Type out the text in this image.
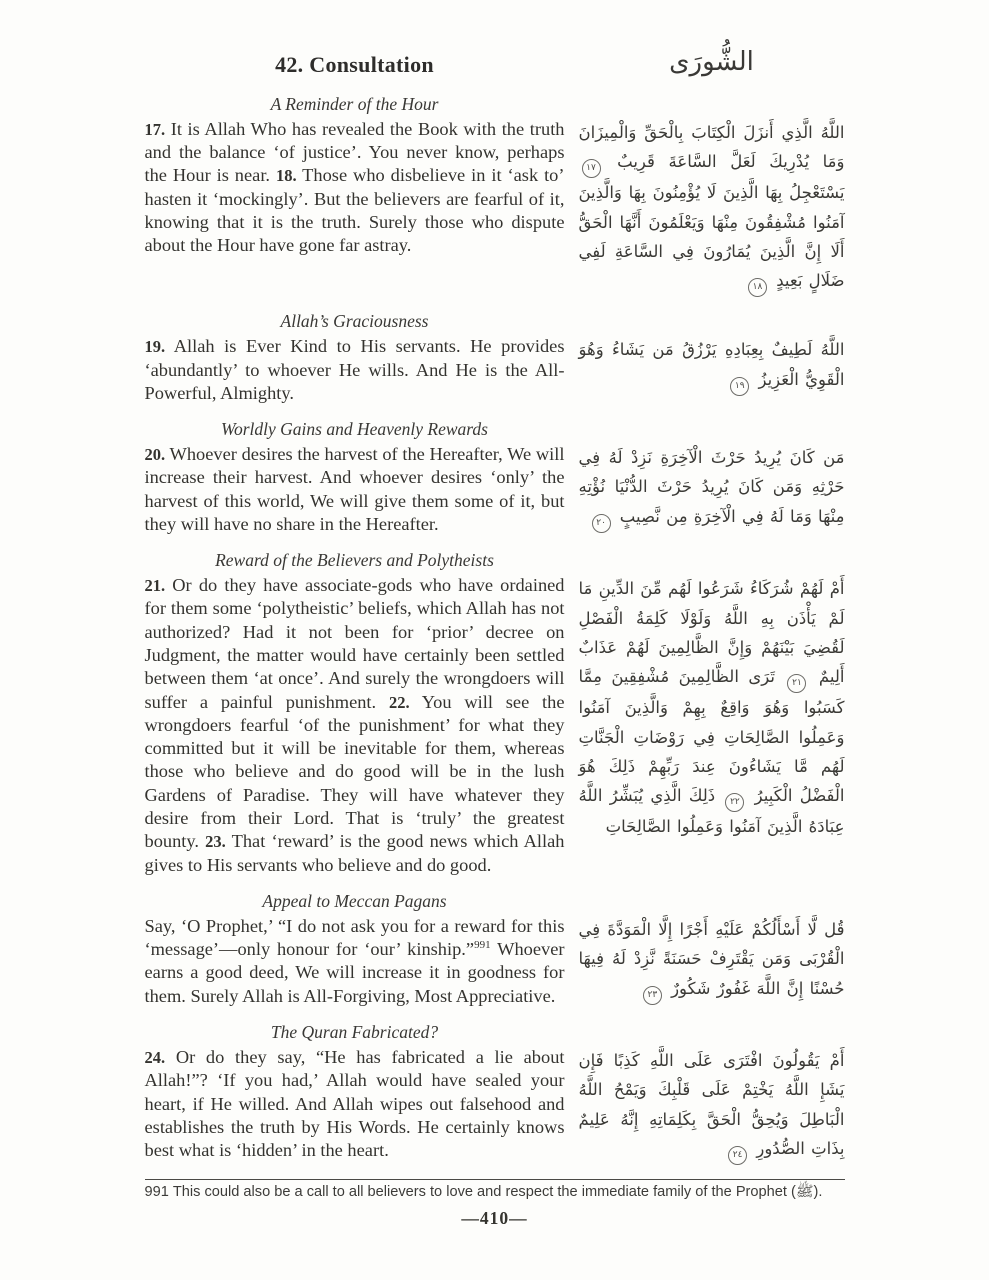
42. Consultation	الشُّورَى
A Reminder of the Hour

17. It is Allah Who has revealed the Book with the truth and the balance ‘of justice’. You never know, perhaps the Hour is near. 18. Those who disbelieve in it ‘ask to’ hasten it ‘mockingly’. But the believers are fearful of it, knowing that it is the truth. Surely those who dispute about the Hour have gone far astray.

اللَّهُ الَّذِي أَنزَلَ الْكِتَابَ بِالْحَقِّ وَالْمِيزَانَ وَمَا يُدْرِيكَ لَعَلَّ السَّاعَةَ قَرِيبٌ ١٧ يَسْتَعْجِلُ بِهَا الَّذِينَ لَا يُؤْمِنُونَ بِهَا وَالَّذِينَ آمَنُوا مُشْفِقُونَ مِنْهَا وَيَعْلَمُونَ أَنَّهَا الْحَقُّ أَلَا إِنَّ الَّذِينَ يُمَارُونَ فِي السَّاعَةِ لَفِي ضَلَالٍ بَعِيدٍ ١٨
Allah’s Graciousness

19. Allah is Ever Kind to His servants. He provides ‘abundantly’ to whoever He wills. And He is the All-Powerful, Almighty.

اللَّهُ لَطِيفٌ بِعِبَادِهِ يَرْزُقُ مَن يَشَاءُ وَهُوَ الْقَوِيُّ الْعَزِيزُ ١٩
Worldly Gains and Heavenly Rewards

20. Whoever desires the harvest of the Hereafter, We will increase their harvest. And whoever desires ‘only’ the harvest of this world, We will give them some of it, but they will have no share in the Hereafter.

مَن كَانَ يُرِيدُ حَرْثَ الْآخِرَةِ نَزِدْ لَهُ فِي حَرْثِهِ وَمَن كَانَ يُرِيدُ حَرْثَ الدُّنْيَا نُؤْتِهِ مِنْهَا وَمَا لَهُ فِي الْآخِرَةِ مِن نَّصِيبٍ ٢٠
Reward of the Believers and Polytheists

21. Or do they have associate-gods who have ordained for them some ‘polytheistic’ beliefs, which Allah has not authorized? Had it not been for ‘prior’ decree on Judgment, the matter would have certainly been settled between them ‘at once’. And surely the wrongdoers will suffer a painful punishment. 22. You will see the wrongdoers fearful ‘of the punishment’ for what they committed but it will be inevitable for them, whereas those who believe and do good will be in the lush Gardens of Paradise. They will have whatever they desire from their Lord. That is ‘truly’ the greatest bounty. 23. That ‘reward’ is the good news which Allah gives to His servants who believe and do good.

أَمْ لَهُمْ شُرَكَاءُ شَرَعُوا لَهُم مِّنَ الدِّينِ مَا لَمْ يَأْذَن بِهِ اللَّهُ وَلَوْلَا كَلِمَةُ الْفَصْلِ لَقُضِيَ بَيْنَهُمْ وَإِنَّ الظَّالِمِينَ لَهُمْ عَذَابٌ أَلِيمٌ ٢١ تَرَى الظَّالِمِينَ مُشْفِقِينَ مِمَّا كَسَبُوا وَهُوَ وَاقِعٌ بِهِمْ وَالَّذِينَ آمَنُوا وَعَمِلُوا الصَّالِحَاتِ فِي رَوْضَاتِ الْجَنَّاتِ لَهُم مَّا يَشَاءُونَ عِندَ رَبِّهِمْ ذَلِكَ هُوَ الْفَضْلُ الْكَبِيرُ ٢٢ ذَلِكَ الَّذِي يُبَشِّرُ اللَّهُ عِبَادَهُ الَّذِينَ آمَنُوا وَعَمِلُوا الصَّالِحَاتِ
Appeal to Meccan Pagans

Say, ‘O Prophet,’ “I do not ask you for a reward for this ‘message’—only honour for ‘our’ kinship.”$^{991}$ Whoever earns a good deed, We will increase it in goodness for them. Surely Allah is All-Forgiving, Most Appreciative.

قُل لَّا أَسْأَلُكُمْ عَلَيْهِ أَجْرًا إِلَّا الْمَوَدَّةَ فِي الْقُرْبَى وَمَن يَقْتَرِفْ حَسَنَةً نَّزِدْ لَهُ فِيهَا حُسْنًا إِنَّ اللَّهَ غَفُورٌ شَكُورٌ ٢٣
The Quran Fabricated?

24. Or do they say, “He has fabricated a lie about Allah!”? ‘If you had,’ Allah would have sealed your heart, if He willed. And Allah wipes out falsehood and establishes the truth by His Words. He certainly knows best what is ‘hidden’ in the heart.

أَمْ يَقُولُونَ افْتَرَى عَلَى اللَّهِ كَذِبًا فَإِن يَشَإِ اللَّهُ يَخْتِمْ عَلَى قَلْبِكَ وَيَمْحُ اللَّهُ الْبَاطِلَ وَيُحِقُّ الْحَقَّ بِكَلِمَاتِهِ إِنَّهُ عَلِيمٌ بِذَاتِ الصُّدُورِ ٢٤
991 This could also be a call to all believers to love and respect the immediate family of the Prophet (ﷺ).
—410—
